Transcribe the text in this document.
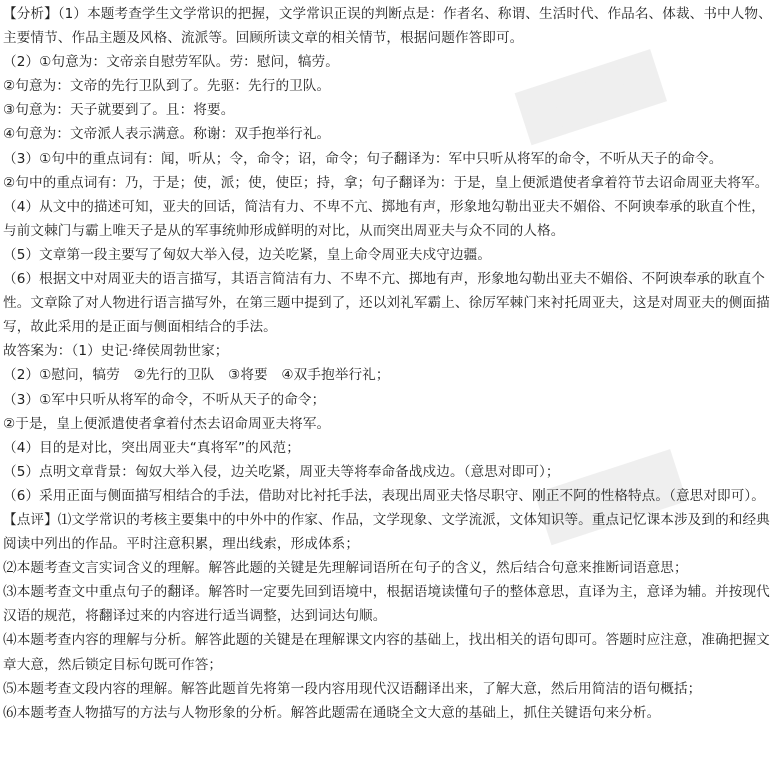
████
████

【分析】（1）本题考查学生文学常识的把握，文学常识正误的判断点是：作者名、称谓、生活时代、作品名、体裁、书中人物、主要情节、作品主题及风格、流派等。回顾所读文章的相关情节，根据问题作答即可。

（2）①句意为：文帝亲自慰劳军队。劳：慰问，犒劳。

②句意为：文帝的先行卫队到了。先驱：先行的卫队。

③句意为：天子就要到了。且：将要。

④句意为：文帝派人表示满意。称谢：双手抱举行礼。

（3）①句中的重点词有：闻，听从；令，命令；诏，命令；句子翻译为：军中只听从将军的命令，不听从天子的命令。

②句中的重点词有：乃，于是；使，派；使，使臣；持，拿；句子翻译为：于是，皇上便派遣使者拿着符节去诏命周亚夫将军。

（4）从文中的描述可知，亚夫的回话，简洁有力、不卑不亢、掷地有声，形象地勾勒出亚夫不媚俗、不阿谀奉承的耿直个性，与前文棘门与霸上唯天子是从的军事统帅形成鲜明的对比，从而突出周亚夫与众不同的人格。

（5）文章第一段主要写了匈奴大举入侵，边关吃紧，皇上命令周亚夫戍守边疆。

（6）根据文中对周亚夫的语言描写，其语言简洁有力、不卑不亢、掷地有声，形象地勾勒出亚夫不媚俗、不阿谀奉承的耿直个性。文章除了对人物进行语言描写外，在第三题中提到了，还以刘礼军霸上、徐厉军棘门来衬托周亚夫，这是对周亚夫的侧面描写，故此采用的是正面与侧面相结合的手法。

故答案为：（1）史记·绛侯周勃世家；

（2）①慰问，犒劳　②先行的卫队　③将要　④双手抱举行礼；

（3）①军中只听从将军的命令，不听从天子的命令；

②于是，皇上便派遣使者拿着付杰去诏命周亚夫将军。

（4）目的是对比，突出周亚夫“真将军”的风范；

（5）点明文章背景：匈奴大举入侵，边关吃紧，周亚夫等将奉命备战戍边。（意思对即可）；

（6）采用正面与侧面描写相结合的手法，借助对比衬托手法，表现出周亚夫恪尽职守、刚正不阿的性格特点。（意思对即可）。

【点评】⑴文学常识的考核主要集中的中外中的作家、作品，文学现象、文学流派，文体知识等。重点记忆课本涉及到的和经典阅读中列出的作品。平时注意积累，理出线索，形成体系；

⑵本题考查文言实词含义的理解。解答此题的关键是先理解词语所在句子的含义，然后结合句意来推断词语意思；

⑶本题考查文中重点句子的翻译。解答时一定要先回到语境中，根据语境读懂句子的整体意思，直译为主，意译为辅。并按现代汉语的规范，将翻译过来的内容进行适当调整，达到词达句顺。

⑷本题考查内容的理解与分析。解答此题的关键是在理解课文内容的基础上，找出相关的语句即可。答题时应注意，准确把握文章大意，然后锁定目标句既可作答；

⑸本题考查文段内容的理解。解答此题首先将第一段内容用现代汉语翻译出来，了解大意，然后用简洁的语句概括；

⑹本题考查人物描写的方法与人物形象的分析。解答此题需在通晓全文大意的基础上，抓住关键语句来分析。
